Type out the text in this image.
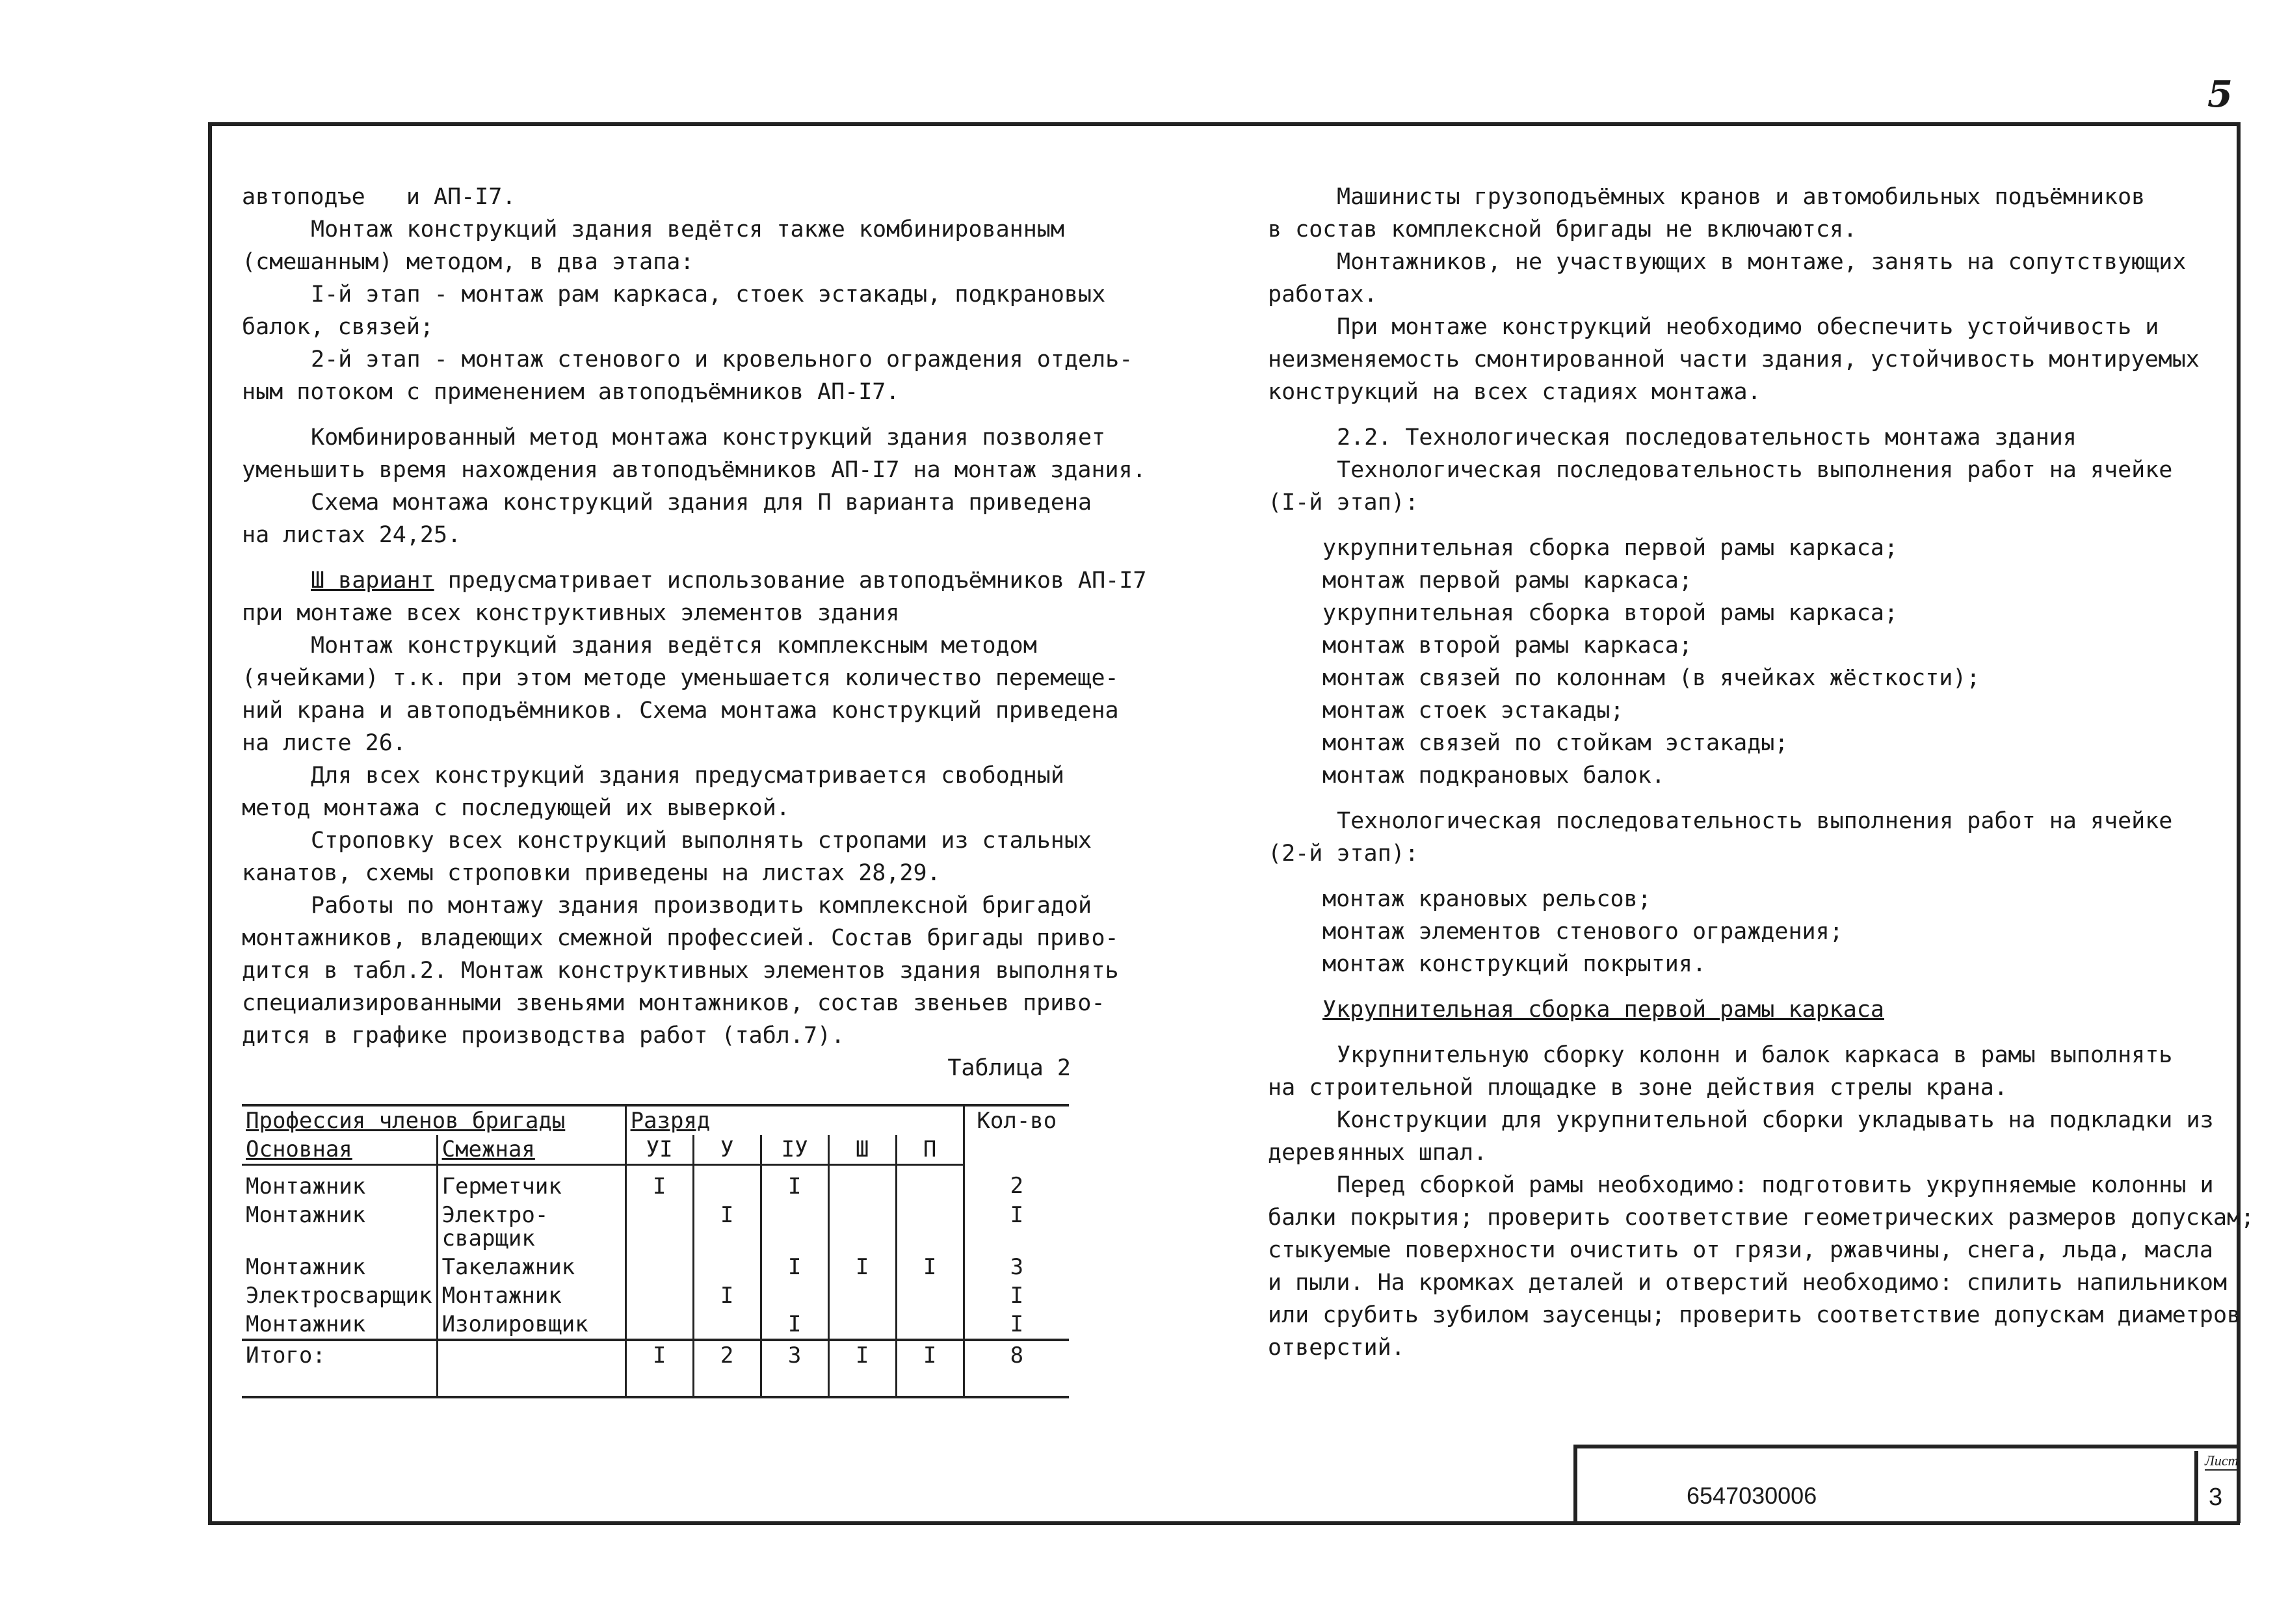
5

автоподъе   и АП-I7.

Монтаж конструкций здания ведётся также комбинированным

(смешанным) методом, в два этапа:

I-й этап - монтаж рам каркаса, стоек эстакады, подкрановых

балок, связей;

2-й этап - монтаж стенового и кровельного ограждения отдель-

ным потоком с применением автоподъёмников АП-I7.

Комбинированный метод монтажа конструкций здания позволяет

уменьшить время нахождения автоподъёмников АП-I7 на монтаж здания.

Схема монтажа конструкций здания для П варианта приведена

на листах 24,25.

Ш вариант предусматривает использование автоподъёмников АП-I7

при монтаже всех конструктивных элементов здания

Монтаж конструкций здания ведётся комплексным методом

(ячейками) т.к. при этом методе уменьшается количество перемеще-

ний крана и автоподъёмников. Схема монтажа конструкций приведена

на листе 26.

Для всех конструкций здания предусматривается свободный

метод монтажа с последующей их выверкой.

Строповку всех конструкций выполнять стропами из стальных

канатов, схемы строповки приведены на листах 28,29.

Работы по монтажу здания производить комплексной бригадой

монтажников, владеющих смежной профессией. Состав бригады приво-

дится в табл.2. Монтаж конструктивных элементов здания выполнять

специализированными звеньями монтажников, состав звеньев приво-

дится в графике производства работ (табл.7).

Таблица 2

Профессия членов бригады		Разряд					Кол-во
Основная	Смежная	УI	У	IУ	Ш	П	
Монтажник	Герметчик	I		I			2
Монтажник	Электро-
сварщик		I				I
Монтажник	Такелажник			I	I	I	3
Электросварщик	Монтажник		I				I
Монтажник	Изолировщик			I			I
Итого:		I	2	3	I	I	8

Машинисты грузоподъёмных кранов и автомобильных подъёмников

в состав комплексной бригады не включаются.

Монтажников, не участвующих в монтаже, занять на сопутствующих

работах.

При монтаже конструкций необходимо обеспечить устойчивость и

неизменяемость смонтированной части здания, устойчивость монтируемых

конструкций на всех стадиях монтажа.

2.2. Технологическая последовательность монтажа здания

Технологическая последовательность выполнения работ на ячейке

(I-й этап):

укрупнительная сборка первой рамы каркаса;

монтаж первой рамы каркаса;

укрупнительная сборка второй рамы каркаса;

монтаж второй рамы каркаса;

монтаж связей по колоннам (в ячейках жёсткости);

монтаж стоек эстакады;

монтаж связей по стойкам эстакады;

монтаж подкрановых балок.

Технологическая последовательность выполнения работ на ячейке

(2-й этап):

монтаж крановых рельсов;

монтаж элементов стенового ограждения;

монтаж конструкций покрытия.

Укрупнительная сборка первой рамы каркаса

Укрупнительную сборку колонн и балок каркаса в рамы выполнять

на строительной площадке в зоне действия стрелы крана.

Конструкции для укрупнительной сборки укладывать на подкладки из

деревянных шпал.

Перед сборкой рамы необходимо: подготовить укрупняемые колонны и

балки покрытия; проверить соответствие геометрических размеров допускам;

стыкуемые поверхности очистить от грязи, ржавчины, снега, льда, масла

и пыли. На кромках деталей и отверстий необходимо: спилить напильником

или срубить зубилом заусенцы; проверить соответствие допускам диаметров

отверстий.

6547030006
Лист
3
